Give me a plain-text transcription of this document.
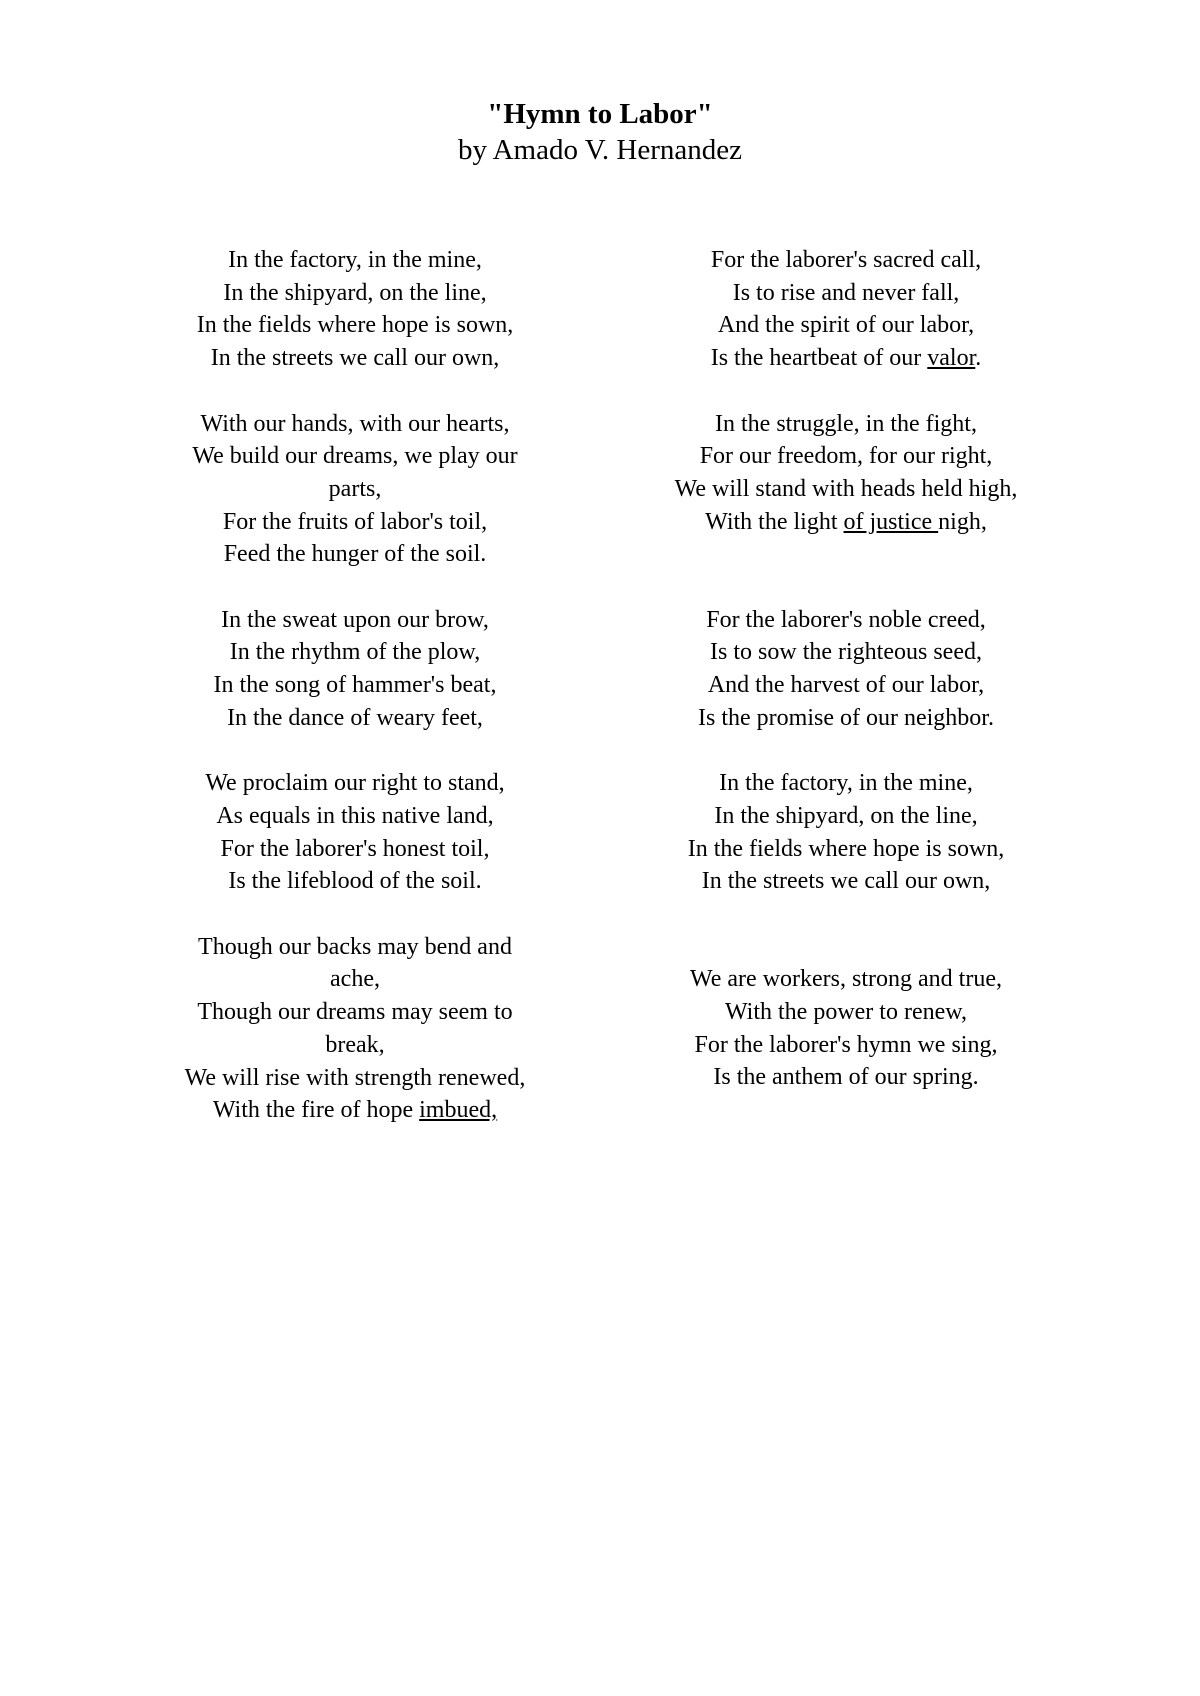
"Hymn to Labor"

by Amado V. Hernandez

In the factory, in the mine,
In the shipyard, on the line,
In the fields where hope is sown,
In the streets we call our own,
With our hands, with our hearts,
We build our dreams, we play our
parts,
For the fruits of labor's toil,
Feed the hunger of the soil.
In the sweat upon our brow,
In the rhythm of the plow,
In the song of hammer's beat,
In the dance of weary feet,
We proclaim our right to stand,
As equals in this native land,
For the laborer's honest toil,
Is the lifeblood of the soil.
Though our backs may bend and
ache,
Though our dreams may seem to
break,
We will rise with strength renewed,
With the fire of hope imbued,
For the laborer's sacred call,
Is to rise and never fall,
And the spirit of our labor,
Is the heartbeat of our valor.
In the struggle, in the fight,
For our freedom, for our right,
We will stand with heads held high,
With the light of justice nigh,
For the laborer's noble creed,
Is to sow the righteous seed,
And the harvest of our labor,
Is the promise of our neighbor.
In the factory, in the mine,
In the shipyard, on the line,
In the fields where hope is sown,
In the streets we call our own,
We are workers, strong and true,
With the power to renew,
For the laborer's hymn we sing,
Is the anthem of our spring.
